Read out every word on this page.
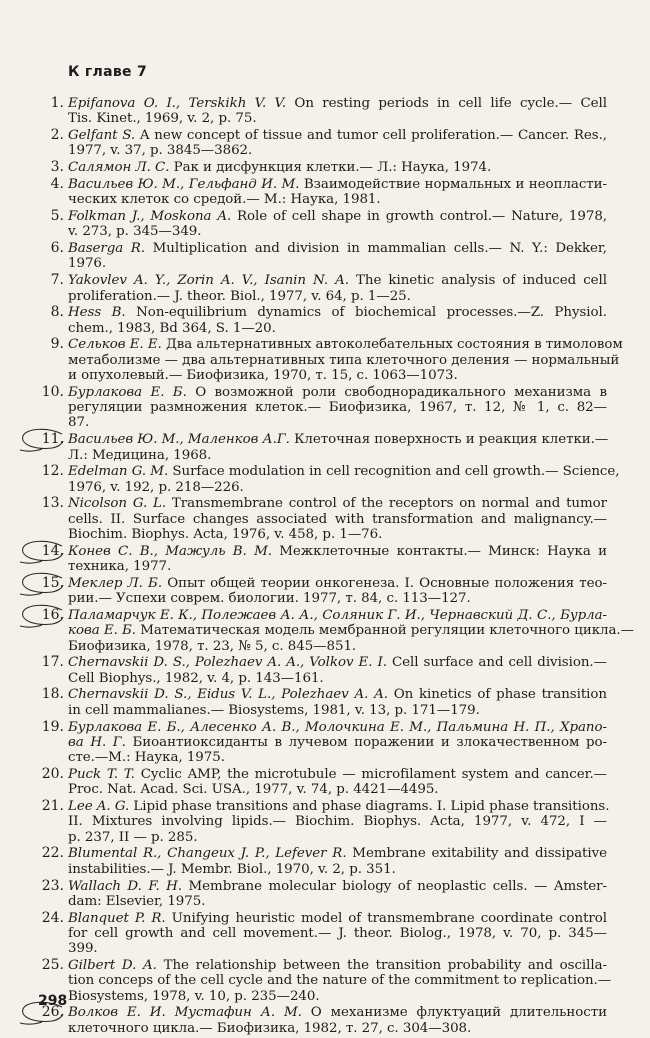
К главе 7
1. Epifanova O. I., Terskikh V. V. On resting periods in cell life cycle.— Cell
Tis. Kinet., 1969, v. 2, p. 75.
2. Gelfant S. A new concept of tissue and tumor cell proliferation.— Cancer. Res.,
1977, v. 37, p. 3845—3862.
3. Салямон Л. С. Рак и дисфункция клетки.— Л.: Наука, 1974.
4. Васильев Ю. М., Гельфанд И. М. Взаимодействие нормальных и неопласти-
ческих клеток со средой.— М.: Наука, 1981.
5. Folkman J., Moskona A. Role of cell shape in growth control.— Nature, 1978,
v. 273, p. 345—349.
6. Baserga R. Multiplication and division in mammalian cells.— N. Y.: Dekker,
1976.
7. Yakovlev A. Y., Zorin A. V., Isanin N. A. The kinetic analysis of induced cell
proliferation.— J. theor. Biol., 1977, v. 64, p. 1—25.
8. Hess B. Non-equilibrium dynamics of biochemical processes.—Z. Physiol.
chem., 1983, Bd 364, S. 1—20.
9. Сельков Е. Е. Два альтернативных автоколебательных состояния в тимоловом
метаболизме — два альтернативных типа клеточного деления — нормальный
и опухолевый.— Биофизика, 1970, т. 15, с. 1063—1073.
10. Бурлакова Е. Б. О возможной роли свободнорадикального механизма в
регуляции размножения клеток.— Биофизика, 1967, т. 12, № 1, с. 82—
87.
11. Васильев Ю. М., Маленков А.Г. Клеточная поверхность и реакция клетки.—
Л.: Медицина, 1968.
12. Edelman G. M. Surface modulation in cell recognition and cell growth.— Science,
1976, v. 192, p. 218—226.
13. Nicolson G. L. Transmembrane control of the receptors on normal and tumor
cells. II. Surface changes associated with transformation and malignancy.—
Biochim. Biophys. Acta, 1976, v. 458, p. 1—76.
14. Конев С. В., Мажуль В. М. Межклеточные контакты.— Минск: Наука и
техника, 1977.
15. Меклер Л. Б. Опыт общей теории онкогенеза. I. Основные положения тео-
рии.— Успехи соврем. биологии. 1977, т. 84, с. 113—127.
16. Паламарчук Е. К., Полежаев А. А., Соляник Г. И., Чернавский Д. С., Бурла-
кова Е. Б. Математическая модель мембранной регуляции клеточного цикла.—
Биофизика, 1978, т. 23, № 5, с. 845—851.
17. Chernavskii D. S., Polezhaev A. A., Volkov E. I. Cell surface and cell division.—
Cell Biophys., 1982, v. 4, p. 143—161.
18. Chernavskii D. S., Eidus V. L., Polezhaev A. A. On kinetics of phase transition
in cell mammalianes.— Biosystems, 1981, v. 13, p. 171—179.
19. Бурлакова Е. Б., Алесенко А. В., Молочкина Е. М., Пальмина Н. П., Храпо-
ва Н. Г. Биоантиоксиданты в лучевом поражении и злокачественном ро-
сте.—М.: Наука, 1975.
20. Puck T. T. Cyclic AMP, the microtubule — microfilament system and cancer.—
Proc. Nat. Acad. Sci. USA., 1977, v. 74, p. 4421—4495.
21. Lee A. G. Lipid phase transitions and phase diagrams. I. Lipid phase transitions.
II. Mixtures involving lipids.— Biochim. Biophys. Acta, 1977, v. 472, I —
p. 237, II — p. 285.
22. Blumental R., Changeux J. P., Lefever R. Membrane exitability and dissipative
instabilities.— J. Membr. Biol., 1970, v. 2, p. 351.
23. Wallach D. F. H. Membrane molecular biology of neoplastic cells. — Amster-
dam: Elsevier, 1975.
24. Blanquet P. R. Unifying heuristic model of transmembrane coordinate control
for cell growth and cell movement.— J. theor. Biolog., 1978, v. 70, p. 345—
399.
25. Gilbert D. A. The relationship between the transition probability and oscilla-
tion conceps of the cell cycle and the nature of the commitment to replication.—
Biosystems, 1978, v. 10, p. 235—240.
26. Волков Е. И. Мустафин А. М. О механизме флуктуаций длительности
клеточного цикла.— Биофизика, 1982, т. 27, с. 304—308.
298
